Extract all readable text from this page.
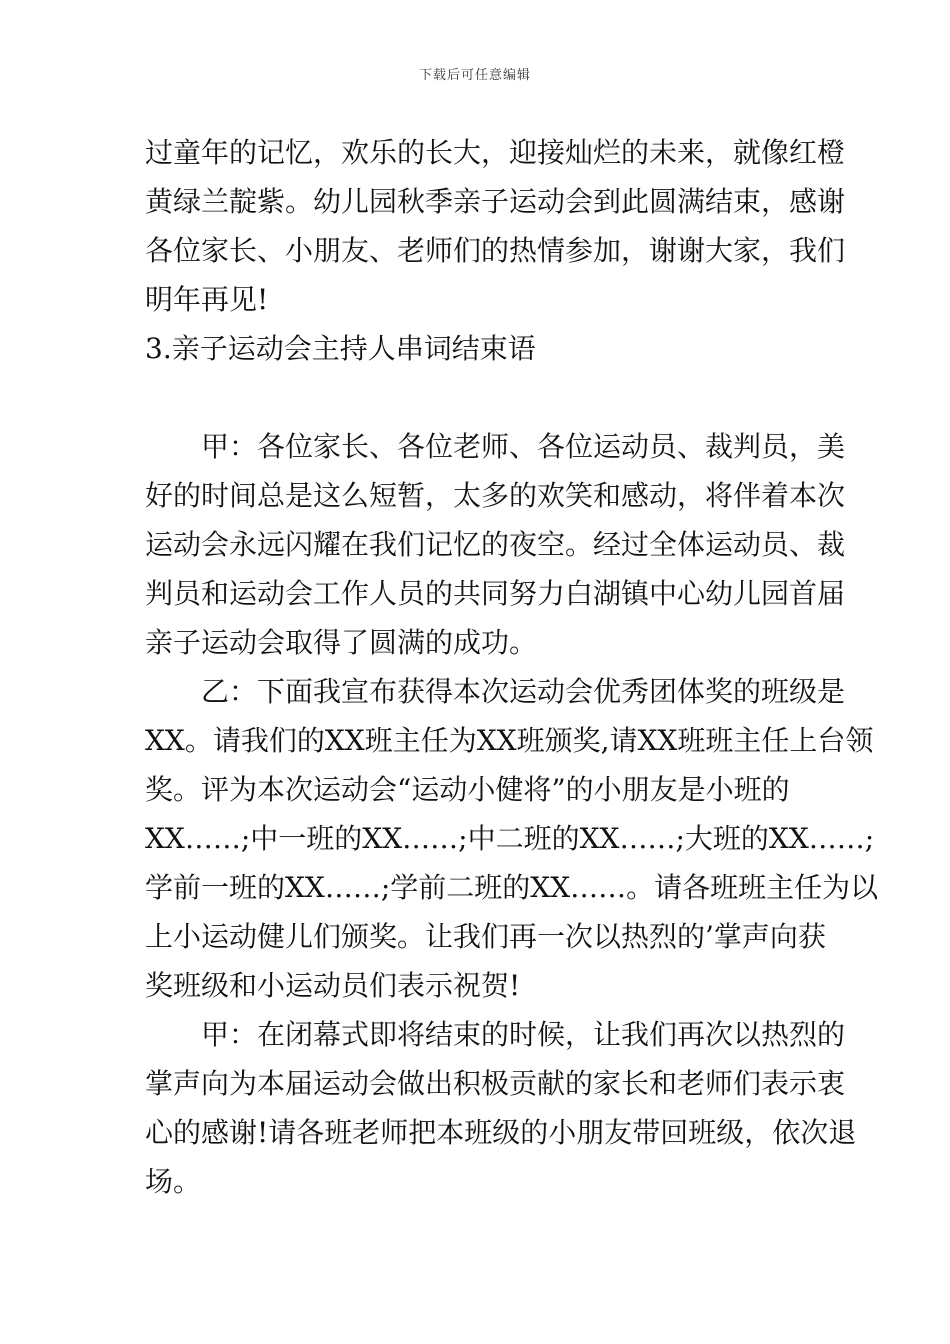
下载后可任意编辑
过童年的记忆，欢乐的长大，迎接灿烂的未来，就像红橙
黄绿兰靛紫。幼儿园秋季亲子运动会到此圆满结束，感谢
各位家长、小朋友、老师们的热情参加，谢谢大家，我们
明年再见!
3.亲子运动会主持人串词结束语
甲：各位家长、各位老师、各位运动员、裁判员，美
好的时间总是这么短暂，太多的欢笑和感动，将伴着本次
运动会永远闪耀在我们记忆的夜空。经过全体运动员、裁
判员和运动会工作人员的共同努力白湖镇中心幼儿园首届
亲子运动会取得了圆满的成功。
乙：下面我宣布获得本次运动会优秀团体奖的班级是
XX。请我们的XX班主任为XX班颁奖,请XX班班主任上台领
奖。评为本次运动会“运动小健将”的小朋友是小班的
XX……;中一班的XX……;中二班的XX……;大班的XX……;
学前一班的XX……;学前二班的XX……。请各班班主任为以
上小运动健儿们颁奖。让我们再一次以热烈的’掌声向获
奖班级和小运动员们表示祝贺!
甲：在闭幕式即将结束的时候，让我们再次以热烈的
掌声向为本届运动会做出积极贡献的家长和老师们表示衷
心的感谢!请各班老师把本班级的小朋友带回班级，依次退
场。
